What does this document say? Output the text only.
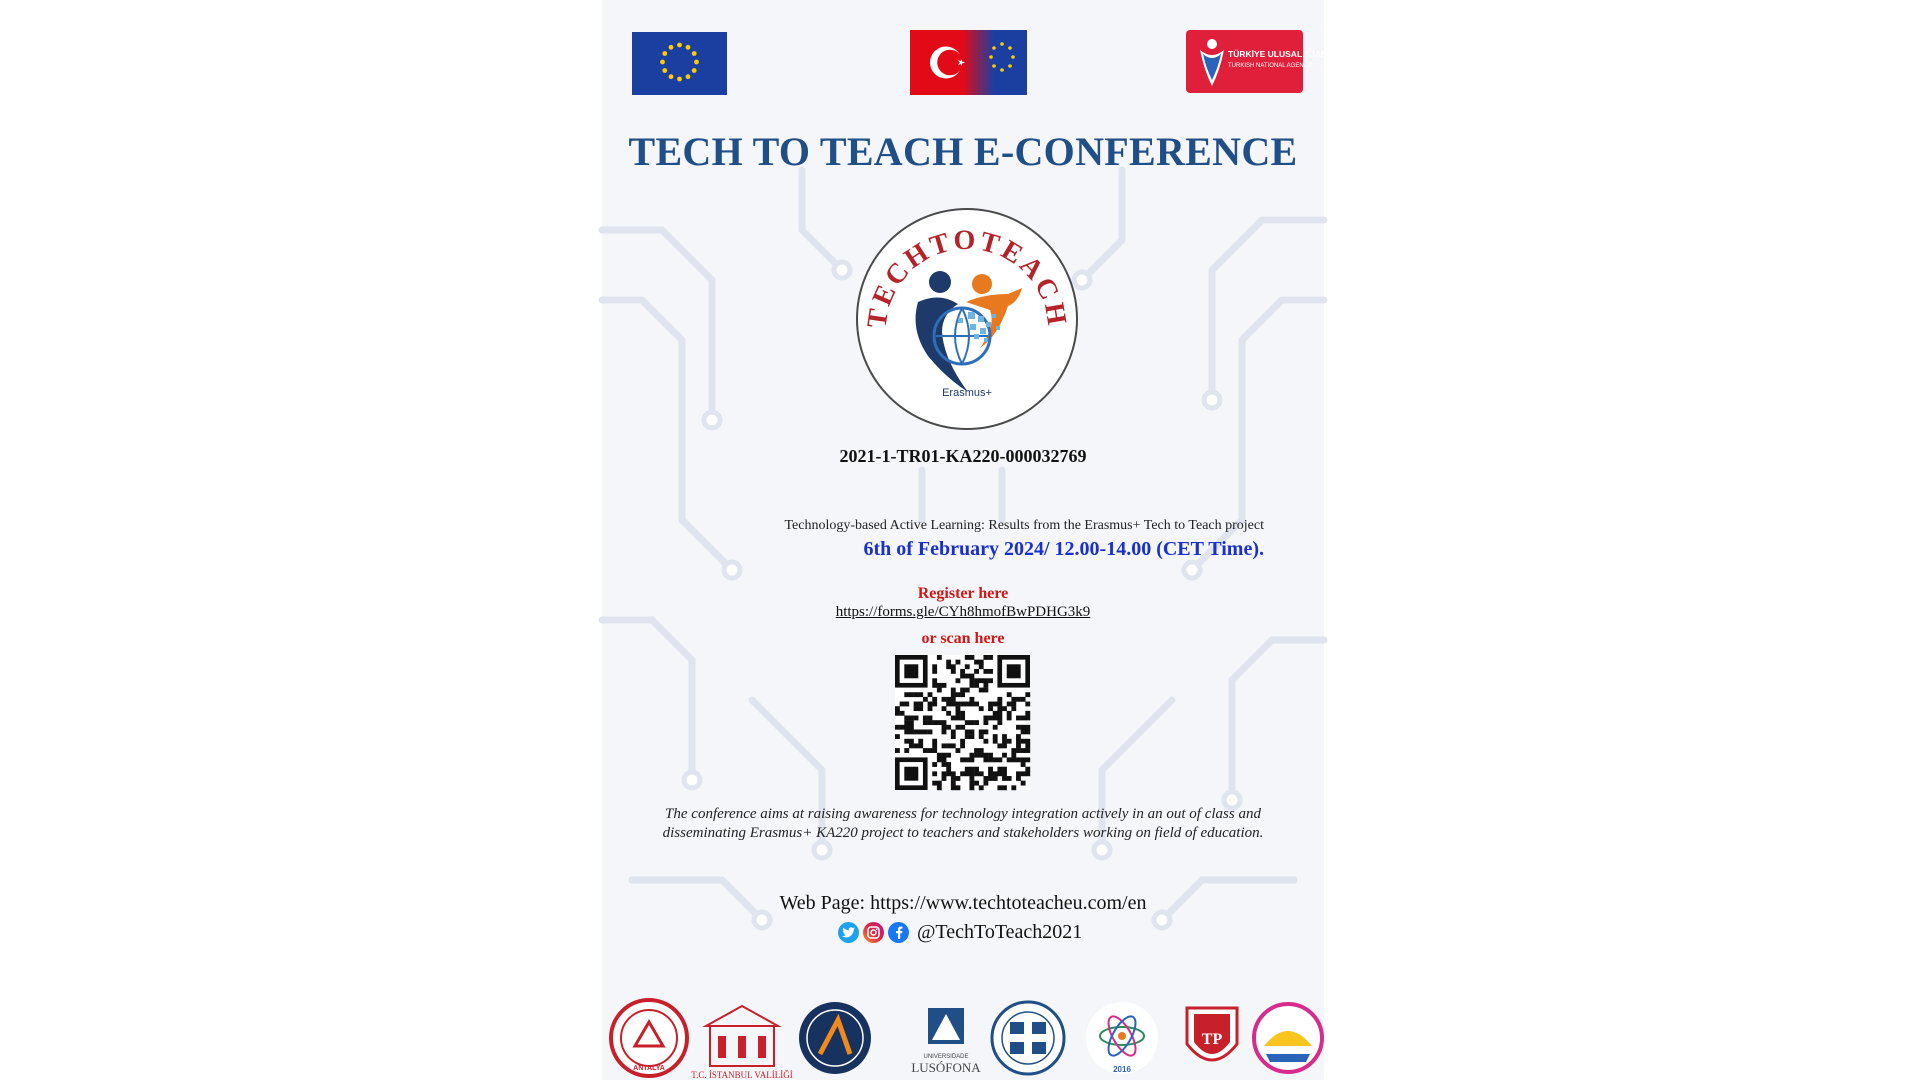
TÜRKİYE ULUSAL AJANSI
TURKISH NATIONAL AGENCY
TECH TO TEACH E-CONFERENCE
TECHTOTEACH
Erasmus+
2021-1-TR01-KA220-000032769
Technology-based Active Learning: Results from the Erasmus+ Tech to Teach project
6th of February 2024/ 12.00-14.00 (CET Time).
Register here
https://forms.gle/CYh8hmofBwPDHG3k9
or scan here
The conference aims at raising awareness for technology integration actively in an out of class and disseminating Erasmus+ KA220 project to teachers and stakeholders working on field of education.
Web Page: https://www.techtoteacheu.com/en
@TechToTeach2021
ANTALYA
T.C. İSTANBUL VALİLİĞİ
UNIVERSIDADE
LUSÓFONA	2016
TP
